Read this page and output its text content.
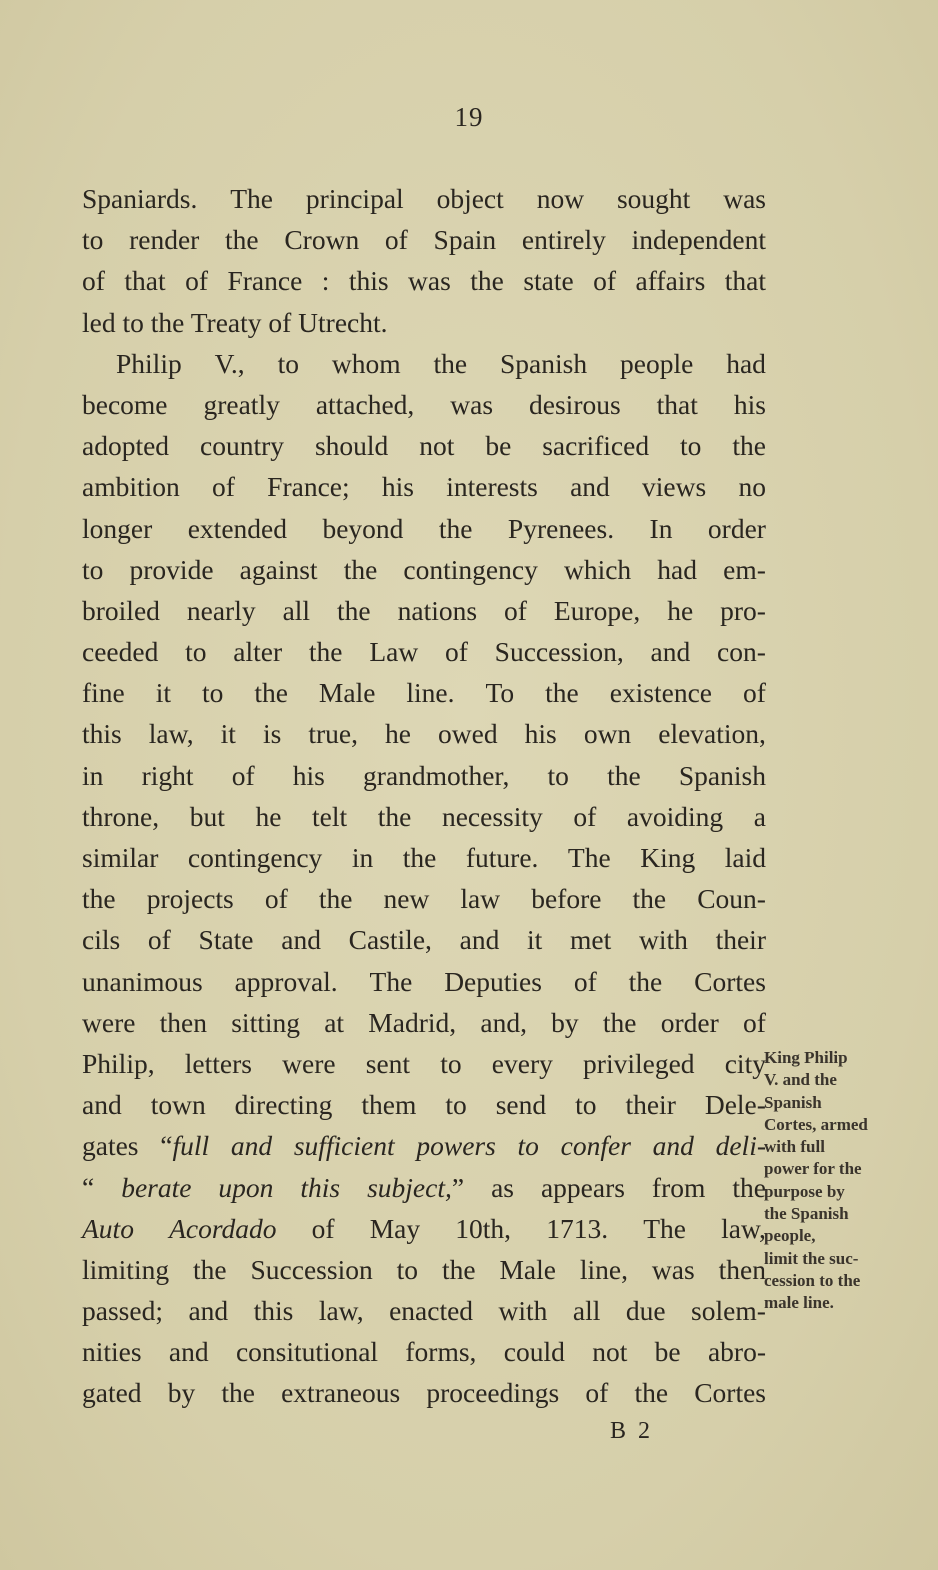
19
Spaniards. The principal object now sought was
to render the Crown of Spain entirely independent
of that of France : this was the state of affairs that
led to the Treaty of Utrecht.
Philip V., to whom the Spanish people had
become greatly attached, was desirous that his
adopted country should not be sacrificed to the
ambition of France; his interests and views no
longer extended beyond the Pyrenees. In order
to provide against the contingency which had em-
broiled nearly all the nations of Europe, he pro-
ceeded to alter the Law of Succession, and con-
fine it to the Male line. To the existence of
this law, it is true, he owed his own elevation,
in right of his grandmother, to the Spanish
throne, but he telt the necessity of avoiding a
similar contingency in the future. The King laid
the projects of the new law before the Coun-
cils of State and Castile, and it met with their
unanimous approval. The Deputies of the Cortes
were then sitting at Madrid, and, by the order of
Philip, letters were sent to every privileged city
and town directing them to send to their Dele-
gates “full and sufficient powers to confer and deli-
“ berate upon this subject,” as appears from the
Auto Acordado of May 10th, 1713. The law,
limiting the Succession to the Male line, was then
passed; and this law, enacted with all due solem-
nities and consitutional forms, could not be abro-
gated by the extraneous proceedings of the Cortes
King Philip
V. and the
Spanish
Cortes, armed
with full
power for the
purpose by
the Spanish
people,
limit the suc-
cession to the
male line.
B 2
